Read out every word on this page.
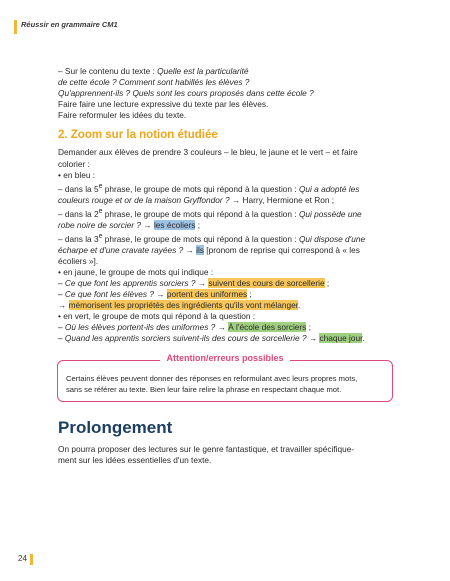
Réussir en grammaire CM1
– Sur le contenu du texte : Quelle est la particularité
de cette école ? Comment sont habillés les élèves ?
Qu'apprennent-ils ? Quels sont les cours proposés dans cette école ?
Faire faire une lecture expressive du texte par les élèves.
Faire reformuler les idées du texte.
2. Zoom sur la notion étudiée
Demander aux élèves de prendre 3 couleurs – le bleu, le jaune et le vert – et faire
colorier :
• en bleu :
– dans la 5e phrase, le groupe de mots qui répond à la question : Qui a adopté les
couleurs rouge et or de la maison Gryffondor ? → Harry, Hermione et Ron ;
– dans la 2e phrase, le groupe de mots qui répond à la question : Qui possède une
robe noire de sorcier ? → les écoliers ;
– dans la 3e phrase, le groupe de mots qui répond à la question : Qui dispose d'une
écharpe et d'une cravate rayées ? → ils [pronom de reprise qui correspond à « les
écoliers »].
• en jaune, le groupe de mots qui indique :
– Ce que font les apprentis sorciers ? → suivent des cours de sorcellerie ;
– Ce que font les élèves ? → portent des uniformes ;
→ mémorisent les propriétés des ingrédients qu'ils vont mélanger.
• en vert, le groupe de mots qui répond à la question :
– Où les élèves portent-ils des uniformes ? → À l'école des sorciers ;
– Quand les apprentis sorciers suivent-ils des cours de sorcellerie ? → chaque jour.
Attention/erreurs possibles
Certains élèves peuvent donner des réponses en reformulant avec leurs propres mots,
sans se référer au texte. Bien leur faire relire la phrase en respectant chaque mot.
Prolongement
On pourra proposer des lectures sur le genre fantastique, et travailler spécifique-
ment sur les idées essentielles d'un texte.
24
